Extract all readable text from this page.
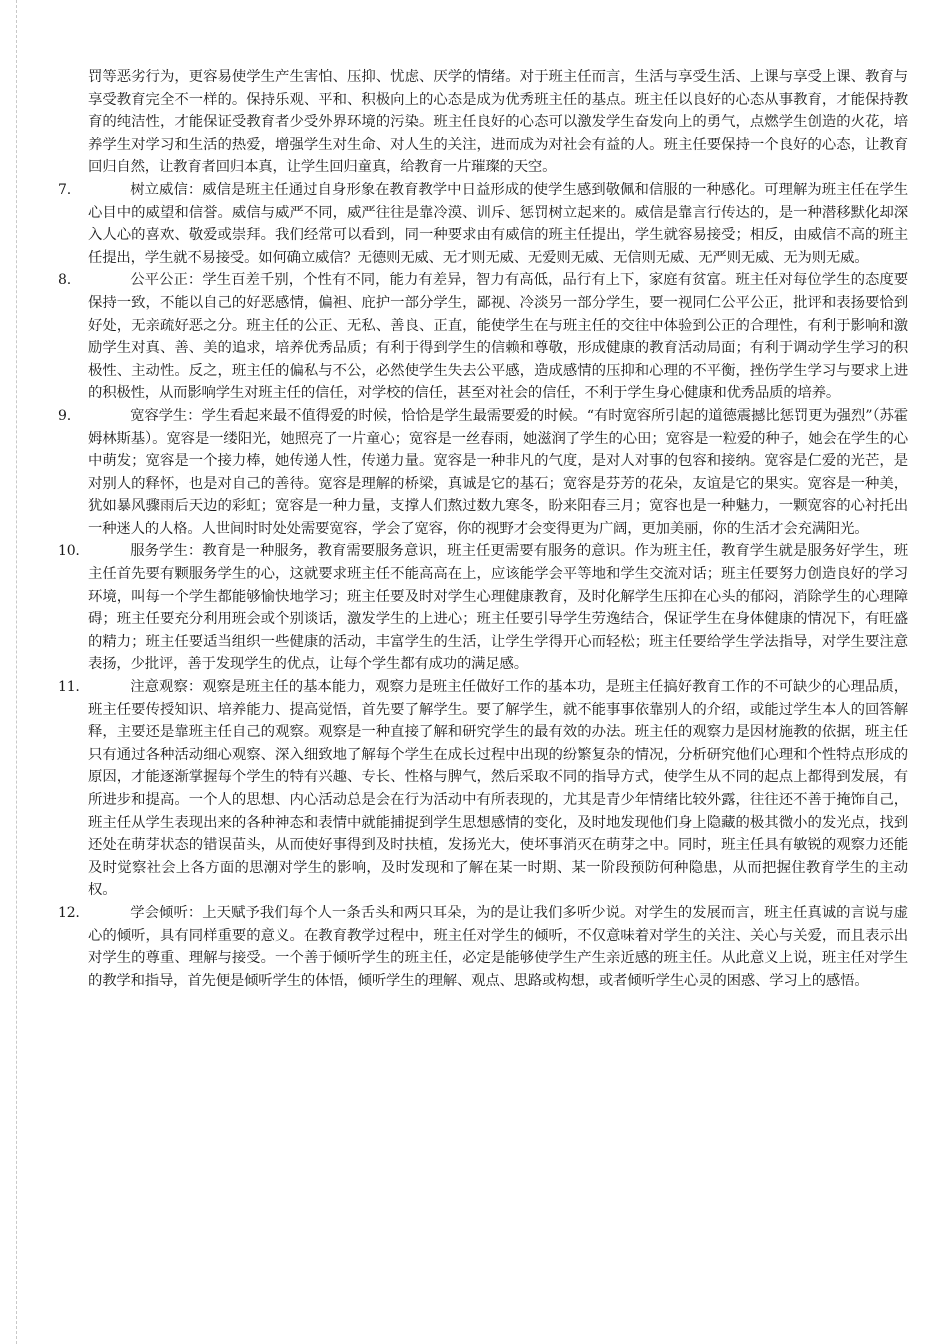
罚等恶劣行为，更容易使学生产生害怕、压抑、忧虑、厌学的情绪。对于班主任而言，生活与享受生活、上课与享受上课、教育与享受教育完全不一样的。保持乐观、平和、积极向上的心态是成为优秀班主任的基点。班主任以良好的心态从事教育，才能保持教育的纯洁性，才能保证受教育者少受外界环境的污染。班主任良好的心态可以激发学生奋发向上的勇气，点燃学生创造的火花，培养学生对学习和生活的热爱，增强学生对生命、对人生的关注，进而成为对社会有益的人。班主任要保持一个良好的心态，让教育回归自然，让教育者回归本真，让学生回归童真，给教育一片璀璨的天空。

7.	树立威信：威信是班主任通过自身形象在教育教学中日益形成的使学生感到敬佩和信服的一种感化。可理解为班主任在学生心目中的威望和信誉。威信与威严不同，威严往往是靠冷漠、训斥、惩罚树立起来的。威信是靠言行传达的，是一种潜移默化却深入人心的喜欢、敬爱或崇拜。我们经常可以看到，同一种要求由有威信的班主任提出，学生就容易接受；相反，由威信不高的班主任提出，学生就不易接受。如何确立威信？无德则无威、无才则无威、无爱则无威、无信则无威、无严则无威、无为则无威。

8.	公平公正：学生百差千别，个性有不同，能力有差异，智力有高低，品行有上下，家庭有贫富。班主任对每位学生的态度要保持一致，不能以自己的好恶感情，偏袒、庇护一部分学生，鄙视、冷淡另一部分学生，要一视同仁公平公正，批评和表扬要恰到好处，无亲疏好恶之分。班主任的公正、无私、善良、正直，能使学生在与班主任的交往中体验到公正的合理性，有利于影响和激励学生对真、善、美的追求，培养优秀品质；有利于得到学生的信赖和尊敬，形成健康的教育活动局面；有利于调动学生学习的积极性、主动性。反之，班主任的偏私与不公，必然使学生失去公平感，造成感情的压抑和心理的不平衡，挫伤学生学习与要求上进的积极性，从而影响学生对班主任的信任，对学校的信任，甚至对社会的信任，不利于学生身心健康和优秀品质的培养。

9.	宽容学生：学生看起来最不值得爱的时候，恰恰是学生最需要爱的时候。“有时宽容所引起的道德震撼比惩罚更为强烈”（苏霍姆林斯基）。宽容是一缕阳光，她照亮了一片童心；宽容是一丝春雨，她滋润了学生的心田；宽容是一粒爱的种子，她会在学生的心中萌发；宽容是一个接力棒，她传递人性，传递力量。宽容是一种非凡的气度，是对人对事的包容和接纳。宽容是仁爱的光芒，是对别人的释怀，也是对自己的善待。宽容是理解的桥梁，真诚是它的基石；宽容是芬芳的花朵，友谊是它的果实。宽容是一种美，犹如暴风骤雨后天边的彩虹；宽容是一种力量，支撑人们熬过数九寒冬，盼来阳春三月；宽容也是一种魅力，一颗宽容的心衬托出一种迷人的人格。人世间时时处处需要宽容，学会了宽容，你的视野才会变得更为广阔，更加美丽，你的生活才会充满阳光。

10.	服务学生：教育是一种服务，教育需要服务意识，班主任更需要有服务的意识。作为班主任，教育学生就是服务好学生，班主任首先要有颗服务学生的心，这就要求班主任不能高高在上，应该能学会平等地和学生交流对话；班主任要努力创造良好的学习环境，叫每一个学生都能够愉快地学习；班主任要及时对学生心理健康教育，及时化解学生压抑在心头的郁闷，消除学生的心理障碍；班主任要充分利用班会或个别谈话，激发学生的上进心；班主任要引导学生劳逸结合，保证学生在身体健康的情况下，有旺盛的精力；班主任要适当组织一些健康的活动，丰富学生的生活，让学生学得开心而轻松；班主任要给学生学法指导，对学生要注意表扬，少批评，善于发现学生的优点，让每个学生都有成功的满足感。

11.	注意观察：观察是班主任的基本能力，观察力是班主任做好工作的基本功，是班主任搞好教育工作的不可缺少的心理品质，班主任要传授知识、培养能力、提高觉悟，首先要了解学生。要了解学生，就不能事事依靠别人的介绍，或能过学生本人的回答解释，主要还是靠班主任自己的观察。观察是一种直接了解和研究学生的最有效的办法。班主任的观察力是因材施教的依据，班主任只有通过各种活动细心观察、深入细致地了解每个学生在成长过程中出现的纷繁复杂的情况，分析研究他们心理和个性特点形成的原因，才能逐渐掌握每个学生的特有兴趣、专长、性格与脾气，然后采取不同的指导方式，使学生从不同的起点上都得到发展，有所进步和提高。一个人的思想、内心活动总是会在行为活动中有所表现的，尤其是青少年情绪比较外露，往往还不善于掩饰自己，班主任从学生表现出来的各种神态和表情中就能捕捉到学生思想感情的变化，及时地发现他们身上隐藏的极其微小的发光点，找到还处在萌芽状态的错误苗头，从而使好事得到及时扶植，发扬光大，使坏事消灭在萌芽之中。同时，班主任具有敏锐的观察力还能及时觉察社会上各方面的思潮对学生的影响，及时发现和了解在某一时期、某一阶段预防何种隐患，从而把握住教育学生的主动权。

12.	学会倾听：上天赋予我们每个人一条舌头和两只耳朵，为的是让我们多听少说。对学生的发展而言，班主任真诚的言说与虚心的倾听，具有同样重要的意义。在教育教学过程中，班主任对学生的倾听，不仅意味着对学生的关注、关心与关爱，而且表示出对学生的尊重、理解与接受。一个善于倾听学生的班主任，必定是能够使学生产生亲近感的班主任。从此意义上说，班主任对学生的教学和指导，首先便是倾听学生的体悟，倾听学生的理解、观点、思路或构想，或者倾听学生心灵的困惑、学习上的感悟。
